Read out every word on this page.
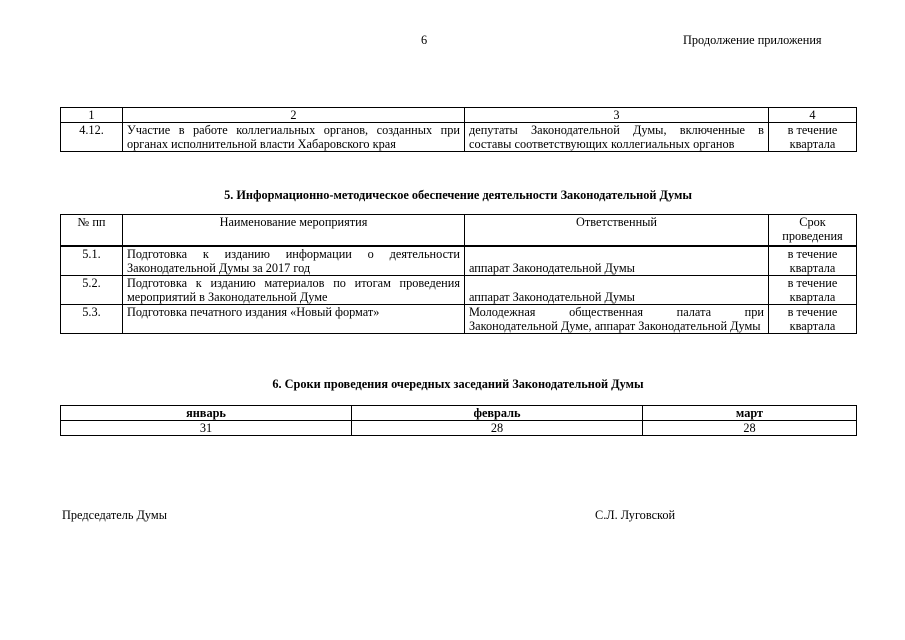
6	Продолжение приложения
1	2	3	4
4.12.	Участие в работе коллегиальных органов, созданных при органах исполнительной власти Хабаровского края	депутаты Законодательной Думы, включенные в составы соответствующих коллегиальных органов	в течение квартала
5. Информационно-методическое обеспечение деятельности Законодательной Думы
№ пп	Наименование мероприятия	Ответственный	Срок проведения
5.1.	Подготовка к изданию информации о деятельности Законодательной Думы за 2017 год	аппарат Законодательной Думы	в течение квартала
5.2.	Подготовка к изданию материалов по итогам проведения мероприятий в Законодательной Думе	аппарат Законодательной Думы	в течение квартала
5.3.	Подготовка печатного издания «Новый формат»	Молодежная общественная палата при Законодательной Думе, аппарат Законодательной Думы	в течение квартала
6. Сроки проведения очередных заседаний Законодательной Думы
январь	февраль	март
31	28	28
Председатель Думы	С.Л. Луговской
